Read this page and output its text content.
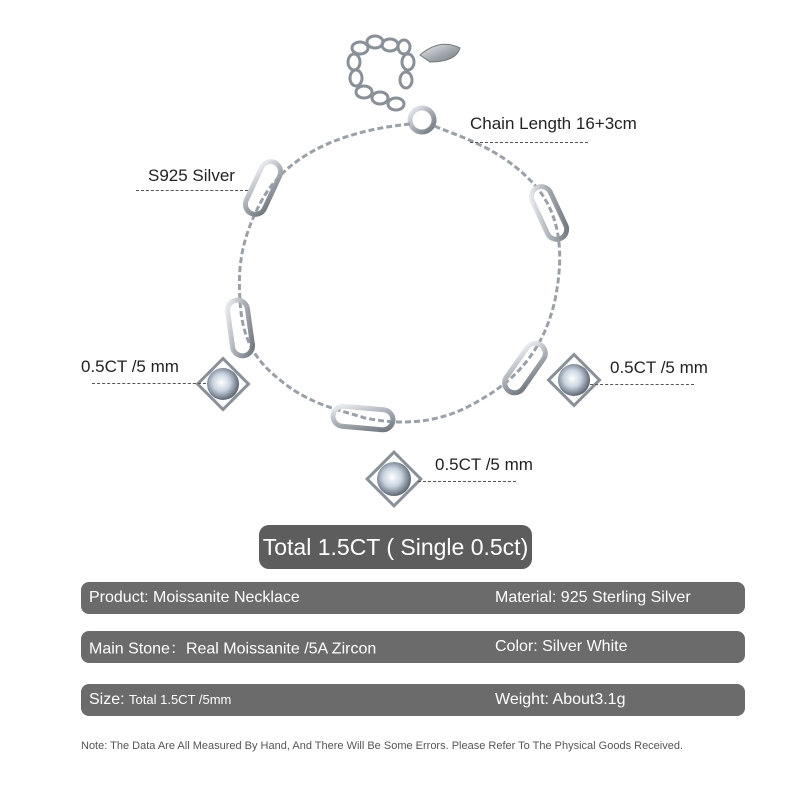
Chain Length 16+3cm
S925 Silver
0.5CT /5 mm	0.5CT /5 mm
0.5CT /5 mm
Total 1.5CT ( Single 0.5ct)
Product: Moissanite Necklace	Material: 925 Sterling Silver
Main Stone：Real Moissanite /5A Zircon	Color: Silver White
Size: Total 1.5CT /5mm	Weight: About3.1g
Note: The Data Are All Measured By Hand, And There Will Be Some Errors. Please Refer To The Physical Goods Received.
